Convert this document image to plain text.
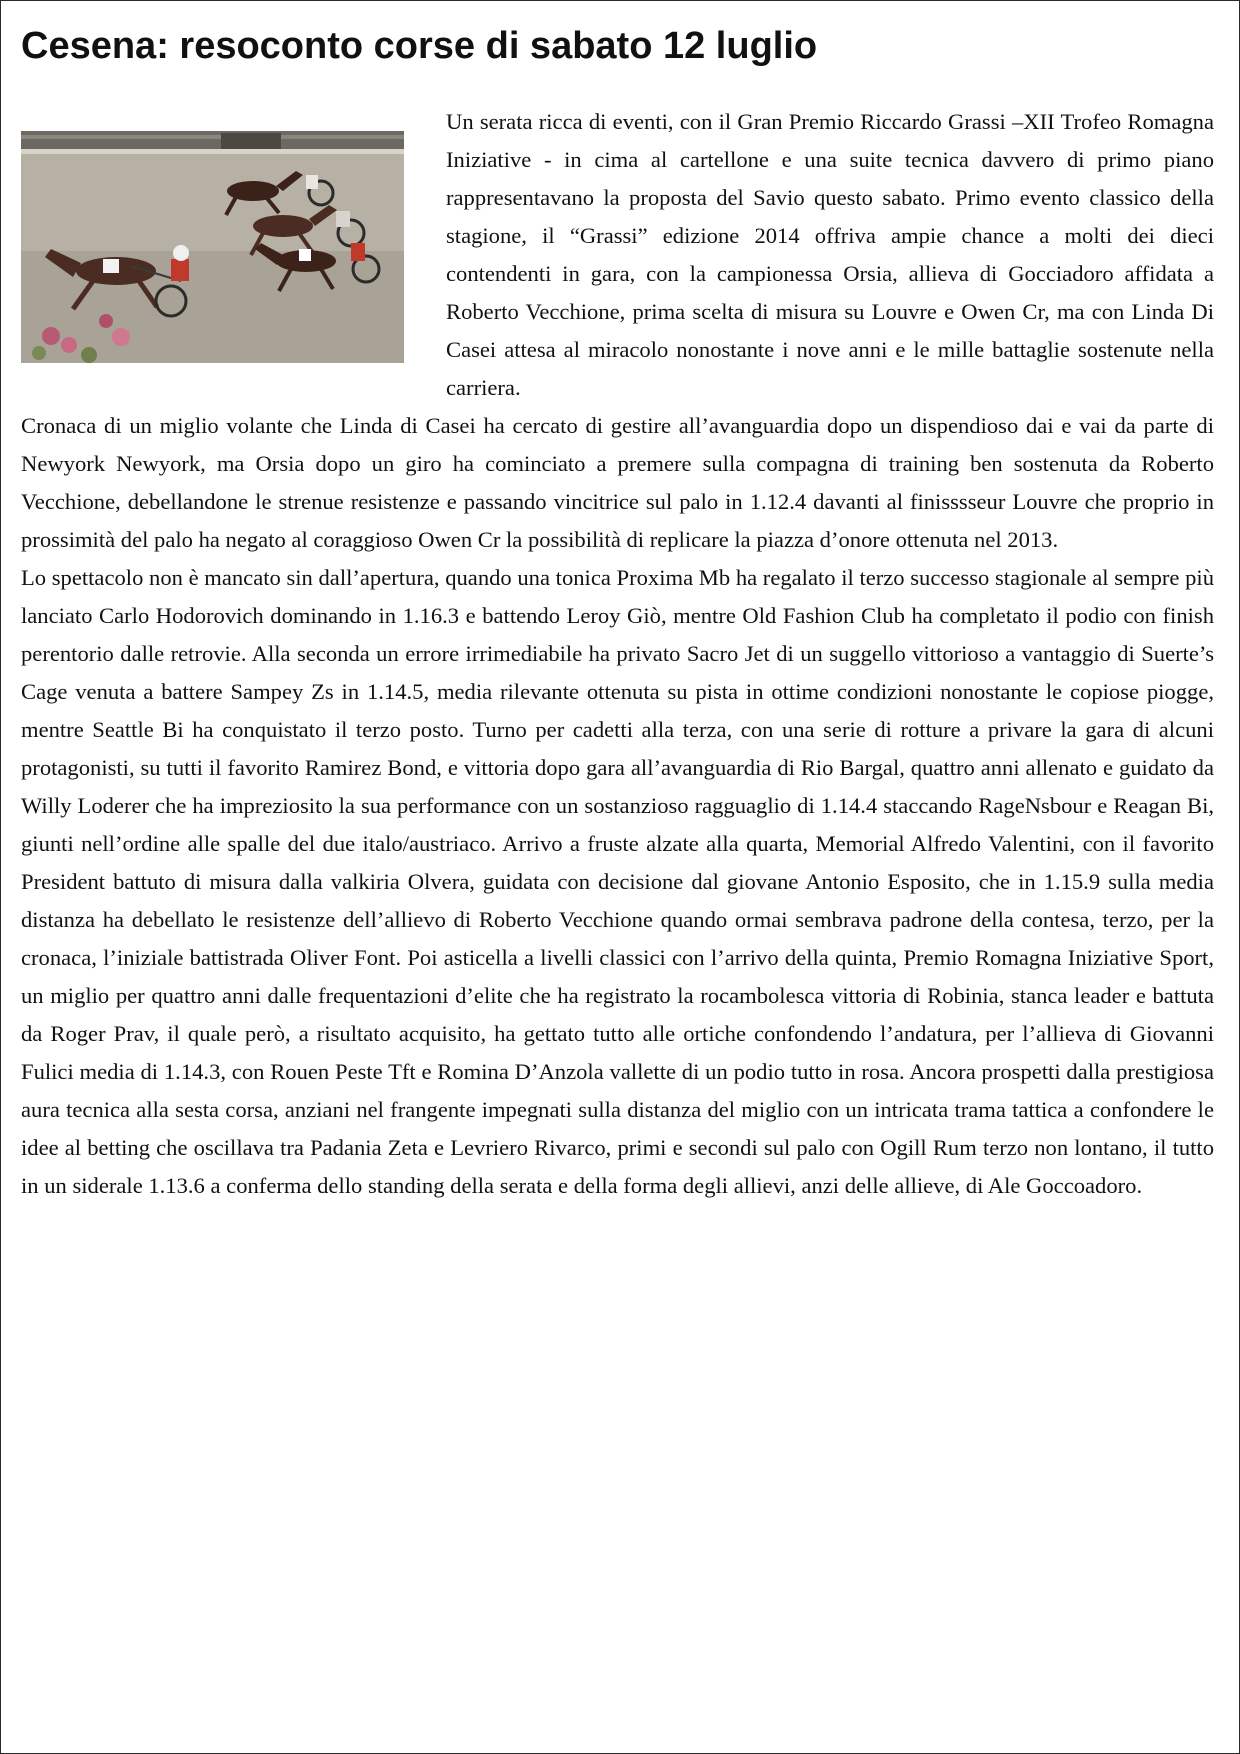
Cesena: resoconto corse di sabato 12 luglio

Un serata ricca di eventi, con il Gran Premio Riccardo Grassi –XII Trofeo Romagna Iniziative - in cima al cartellone e una suite tecnica davvero di primo piano rappresentavano la proposta del Savio questo sabato. Primo evento classico della stagione, il “Grassi” edizione 2014 offriva ampie chance a molti dei dieci contendenti in gara, con la campionessa Orsia, allieva di Gocciadoro affidata a Roberto Vecchione, prima scelta di misura su Louvre e Owen Cr, ma con Linda Di Casei attesa al miracolo nonostante i nove anni e le mille battaglie sostenute nella carriera.

Cronaca di un miglio volante che Linda di Casei ha cercato di gestire all’avanguardia dopo un dispendioso dai e vai da parte di Newyork Newyork, ma Orsia dopo un giro ha cominciato a premere sulla compagna di training ben sostenuta da Roberto Vecchione, debellandone le strenue resistenze e passando vincitrice sul palo in 1.12.4 davanti al finisssseur Louvre che proprio in prossimità del palo ha negato al coraggioso Owen Cr la possibilità di replicare la piazza d’onore ottenuta nel 2013.

Lo spettacolo non è mancato sin dall’apertura, quando una tonica Proxima Mb ha regalato il terzo successo stagionale al sempre più lanciato Carlo Hodorovich dominando in 1.16.3 e battendo Leroy Giò, mentre Old Fashion Club ha completato il podio con finish perentorio dalle retrovie. Alla seconda un errore irrimediabile ha privato Sacro Jet di un suggello vittorioso a vantaggio di Suerte’s Cage venuta a battere Sampey Zs in 1.14.5, media rilevante ottenuta su pista in ottime condizioni nonostante le copiose piogge, mentre Seattle Bi ha conquistato il terzo posto. Turno per cadetti alla terza, con una serie di rotture a privare la gara di alcuni protagonisti, su tutti il favorito Ramirez Bond, e vittoria dopo gara all’avanguardia di Rio Bargal, quattro anni allenato e guidato da Willy Loderer che ha impreziosito la sua performance con un sostanzioso ragguaglio di 1.14.4 staccando RageNsbour e Reagan Bi, giunti nell’ordine alle spalle del due italo/austriaco. Arrivo a fruste alzate alla quarta, Memorial Alfredo Valentini, con il favorito President battuto di misura dalla valkiria Olvera, guidata con decisione dal giovane Antonio Esposito, che in 1.15.9 sulla media distanza ha debellato le resistenze dell’allievo di Roberto Vecchione quando ormai sembrava padrone della contesa, terzo, per la cronaca, l’iniziale battistrada Oliver Font. Poi asticella a livelli classici con l’arrivo della quinta, Premio Romagna Iniziative Sport, un miglio per quattro anni dalle frequentazioni d’elite che ha registrato la rocambolesca vittoria di Robinia, stanca leader e battuta da Roger Prav, il quale però, a risultato acquisito, ha gettato tutto alle ortiche confondendo l’andatura, per l’allieva di Giovanni Fulici media di 1.14.3, con Rouen Peste Tft e Romina D’Anzola vallette di un podio tutto in rosa. Ancora prospetti dalla prestigiosa aura tecnica alla sesta corsa, anziani nel frangente impegnati sulla distanza del miglio con un intricata trama tattica a confondere le idee al betting che oscillava tra Padania Zeta e Levriero Rivarco, primi e secondi sul palo con Ogill Rum terzo non lontano, il tutto in un siderale 1.13.6 a conferma dello standing della serata e della forma degli allievi, anzi delle allieve, di Ale Goccoadoro.
